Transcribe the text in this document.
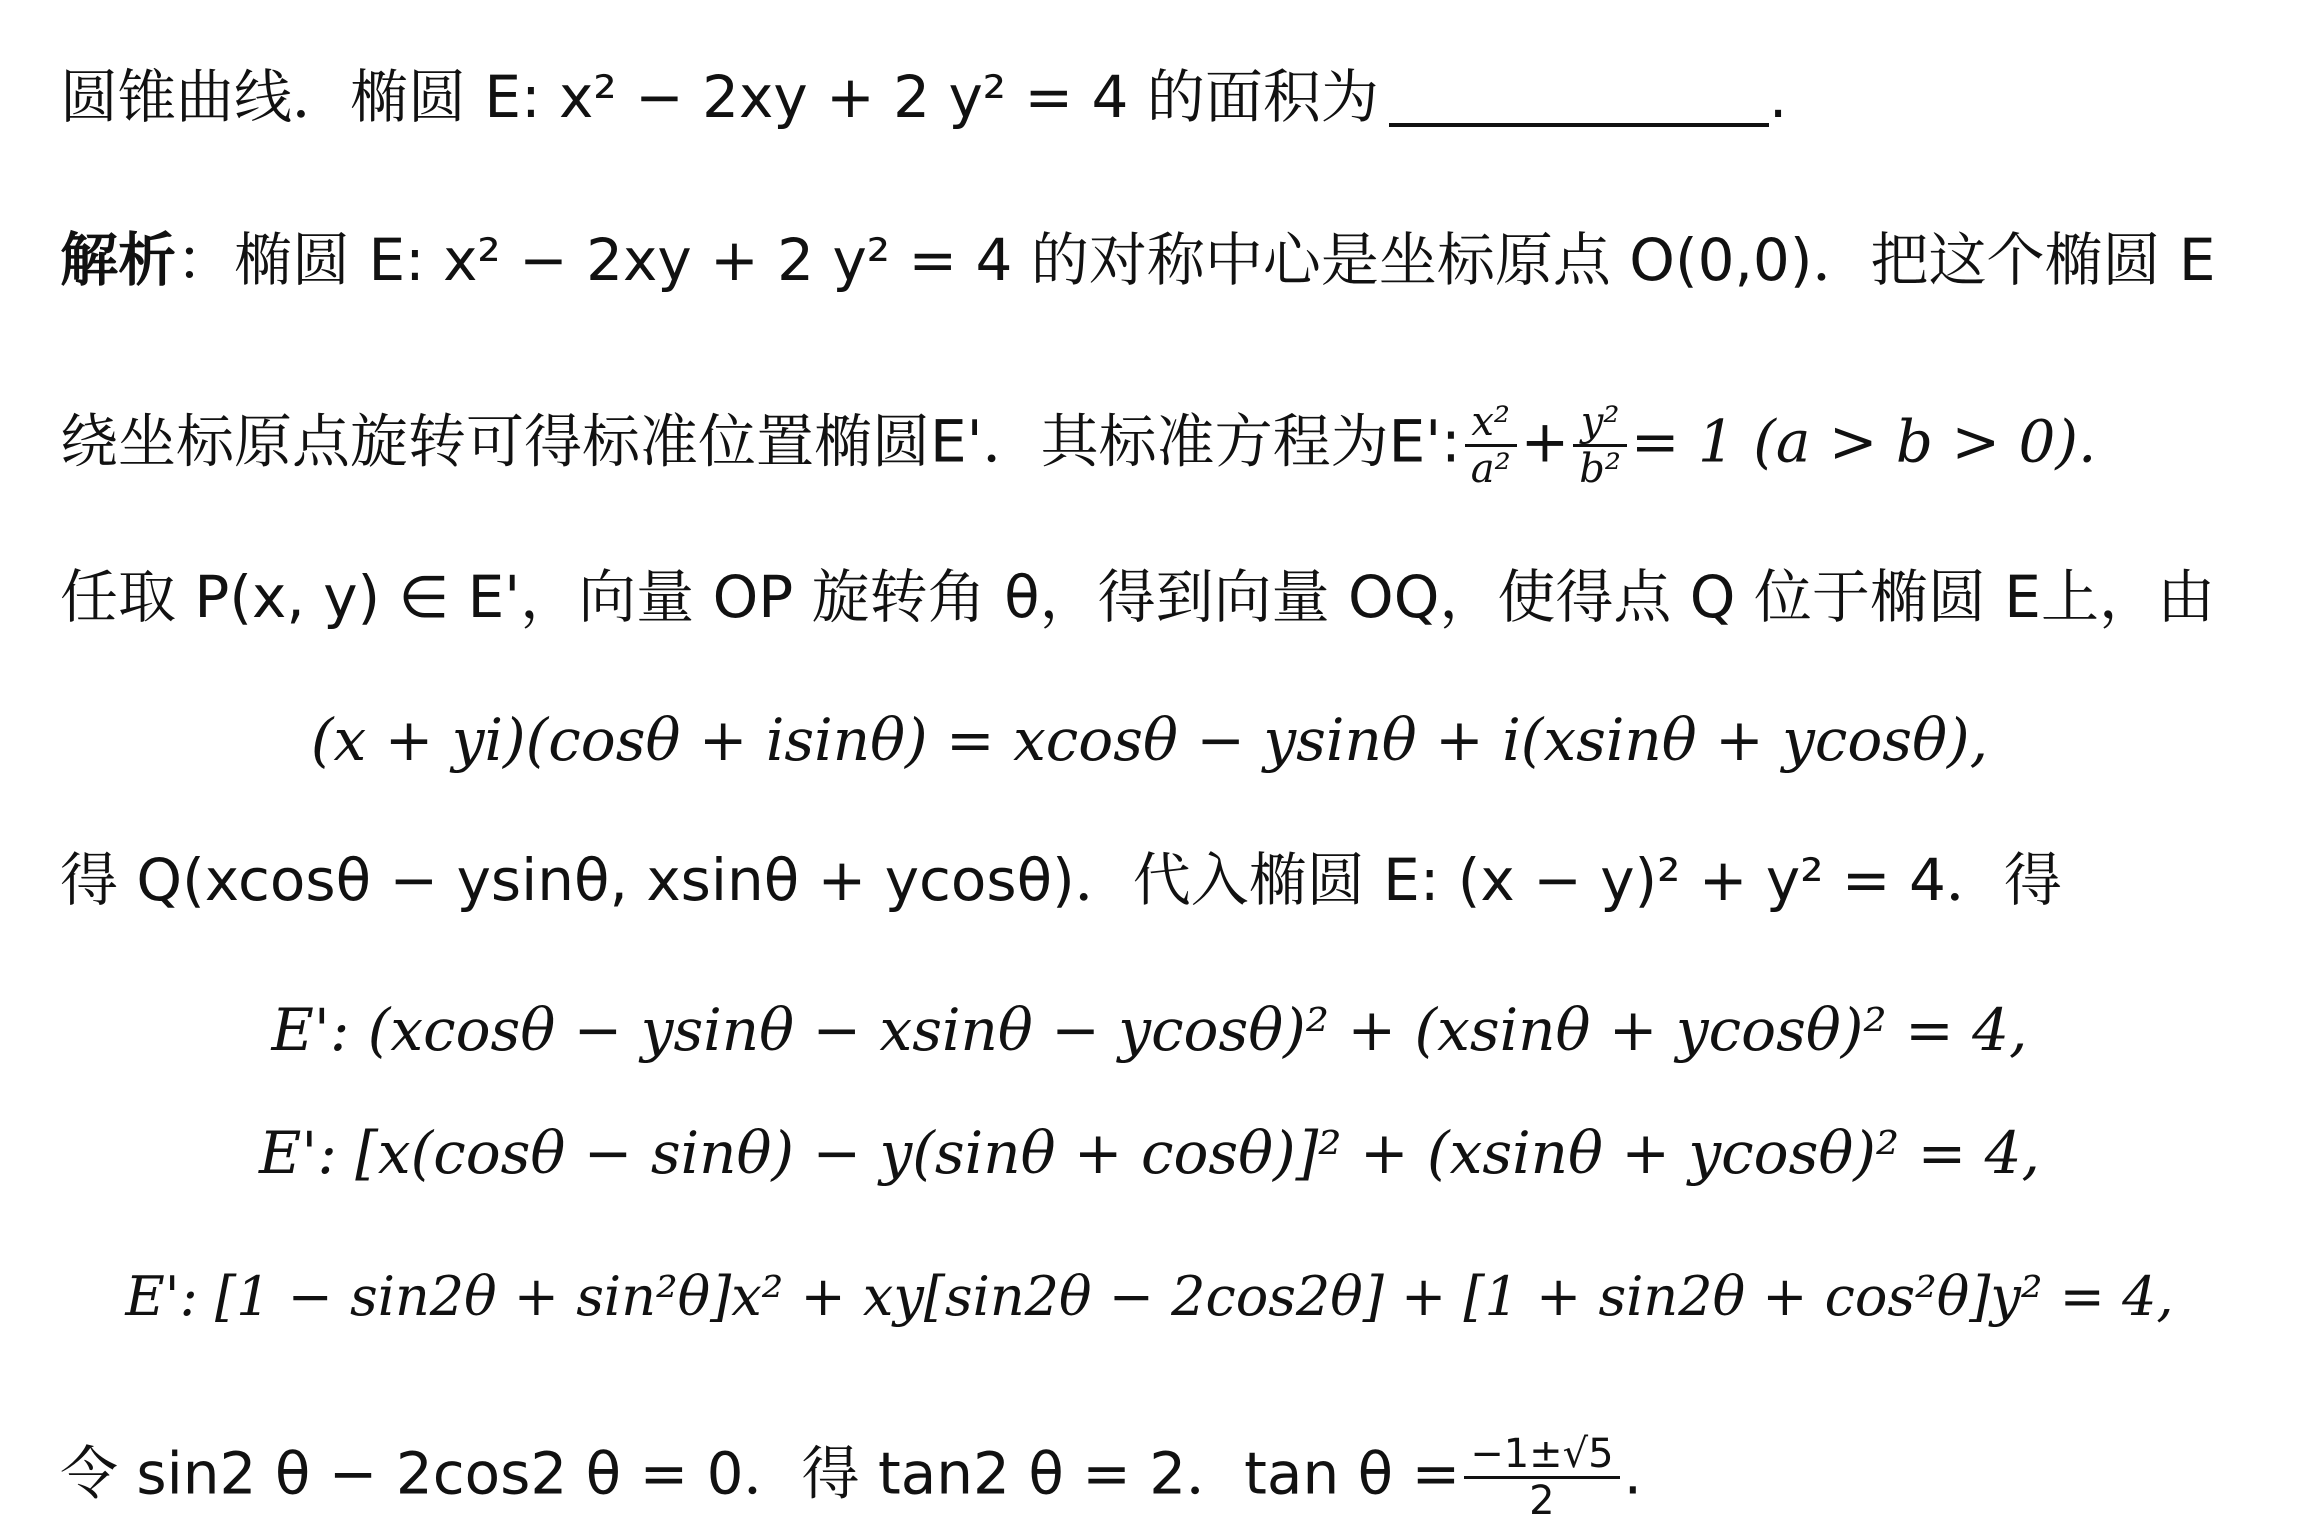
圆锥曲线．椭圆 E: x² − 2xy + 2 y² = 4 的面积为	.
解析：椭圆 E: x² − 2xy + 2 y² = 4 的对称中心是坐标原点 O(0,0)．把这个椭圆 E
绕坐标原点旋转可得标准位置椭圆E'．其标准方程为E': $\frac{\text{x²}}{\text{a²}} + \frac{\text{y²}}{\text{b²}} = 1$ (a > b > 0).
任取 P(x, y) ∈ E'，向量 OP 旋转角 θ，得到向量 OQ，使得点 Q 位于椭圆 E上，由
(x + yi)(cosθ + isinθ) = xcosθ − ysinθ + i(xsinθ + ycosθ),
得 Q(xcosθ − ysinθ, xsinθ + ycosθ)．代入椭圆 E: (x − y)² + y² = 4．得
E': (xcosθ − ysinθ − xsinθ − ycosθ)² + (xsinθ + ycosθ)² = 4,
E': [x(cosθ − sinθ) − y(sinθ + cosθ)]² + (xsinθ + ycosθ)² = 4,
E': [1 − sin2θ + sin²θ]x² + xy[sin2θ − 2cos2θ] + [1 + sin2θ + cos²θ]y² = 4,
令 sin2 θ − 2cos2 θ = 0．得 tan2 θ = 2．$\tan \theta = \frac{-1\pm√5}{2}$ .
